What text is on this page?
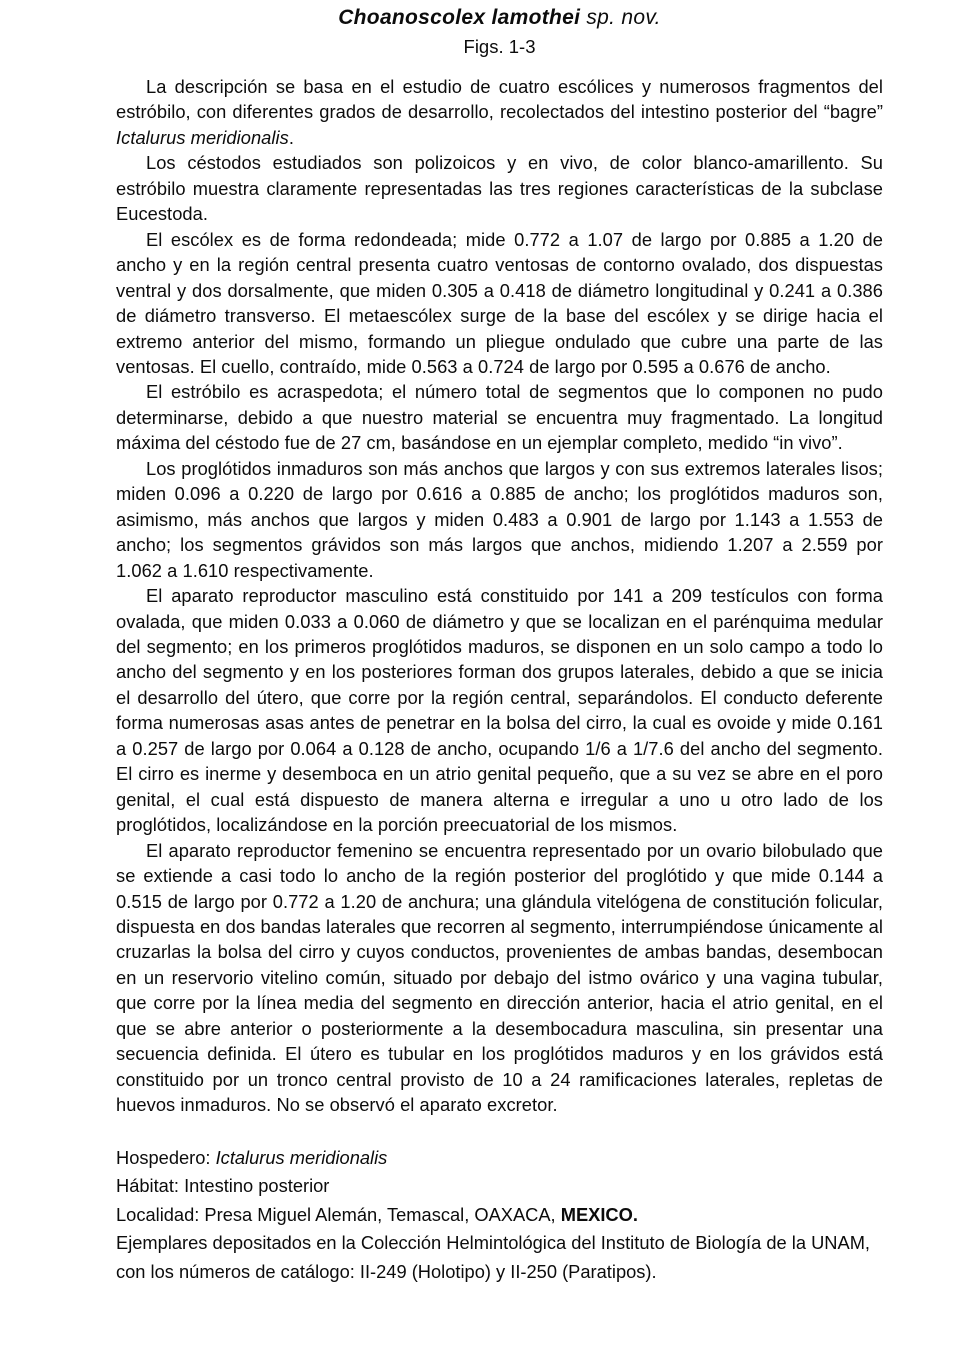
Choanoscolex lamothei sp. nov.
Figs. 1-3

La descripción se basa en el estudio de cuatro escólices y numerosos fragmentos del estróbilo, con diferentes grados de desarrollo, recolectados del intestino posterior del “bagre” Ictalurus meridionalis.

Los céstodos estudiados son polizoicos y en vivo, de color blanco-amarillento. Su estróbilo muestra claramente representadas las tres regiones características de la subclase Eucestoda.

El escólex es de forma redondeada; mide 0.772 a 1.07 de largo por 0.885 a 1.20 de ancho y en la región central presenta cuatro ventosas de contorno ovalado, dos dispuestas ventral y dos dorsalmente, que miden 0.305 a 0.418 de diámetro longitudinal y 0.241 a 0.386 de diámetro transverso. El metaescólex surge de la base del escólex y se dirige hacia el extremo anterior del mismo, formando un pliegue ondulado que cubre una parte de las ventosas. El cuello, contraído, mide 0.563 a 0.724 de largo por 0.595 a 0.676 de ancho.

El estróbilo es acraspedota; el número total de segmentos que lo componen no pudo determinarse, debido a que nuestro material se encuentra muy fragmentado. La longitud máxima del céstodo fue de 27 cm, basándose en un ejemplar completo, medido “in vivo”.

Los proglótidos inmaduros son más anchos que largos y con sus extremos laterales lisos; miden 0.096 a 0.220 de largo por 0.616 a 0.885 de ancho; los proglótidos maduros son, asimismo, más anchos que largos y miden 0.483 a 0.901 de largo por 1.143 a 1.553 de ancho; los segmentos grávidos son más largos que anchos, midiendo 1.207 a 2.559 por 1.062 a 1.610 respectivamente.

El aparato reproductor masculino está constituido por 141 a 209 testículos con forma ovalada, que miden 0.033 a 0.060 de diámetro y que se localizan en el parénquima medular del segmento; en los primeros proglótidos maduros, se disponen en un solo campo a todo lo ancho del segmento y en los posteriores forman dos grupos laterales, debido a que se inicia el desarrollo del útero, que corre por la región central, separándolos. El conducto deferente forma numerosas asas antes de penetrar en la bolsa del cirro, la cual es ovoide y mide 0.161 a 0.257 de largo por 0.064 a 0.128 de ancho, ocupando 1/6 a 1/7.6 del ancho del segmento. El cirro es inerme y desemboca en un atrio genital pequeño, que a su vez se abre en el poro genital, el cual está dispuesto de manera alterna e irregular a uno u otro lado de los proglótidos, localizándose en la porción preecuatorial de los mismos.

El aparato reproductor femenino se encuentra representado por un ovario bilobulado que se extiende a casi todo lo ancho de la región posterior del proglótido y que mide 0.144 a 0.515 de largo por 0.772 a 1.20 de anchura; una glándula vitelógena de constitución folicular, dispuesta en dos bandas laterales que recorren al segmento, interrumpiéndose únicamente al cruzarlas la bolsa del cirro y cuyos conductos, provenientes de ambas bandas, desembocan en un reservorio vitelino común, situado por debajo del istmo ovárico y una vagina tubular, que corre por la línea media del segmento en dirección anterior, hacia el atrio genital, en el que se abre anterior o posteriormente a la desembocadura masculina, sin presentar una secuencia definida. El útero es tubular en los proglótidos maduros y en los grávidos está constituido por un tronco central provisto de 10 a 24 ramificaciones laterales, repletas de huevos inmaduros. No se observó el aparato excretor.

Hospedero: Ictalurus meridionalis

Hábitat: Intestino posterior

Localidad: Presa Miguel Alemán, Temascal, OAXACA, MEXICO.

Ejemplares depositados en la Colección Helmintológica del Instituto de Biología de la UNAM, con los números de catálogo: II-249 (Holotipo) y II-250 (Paratipos).
